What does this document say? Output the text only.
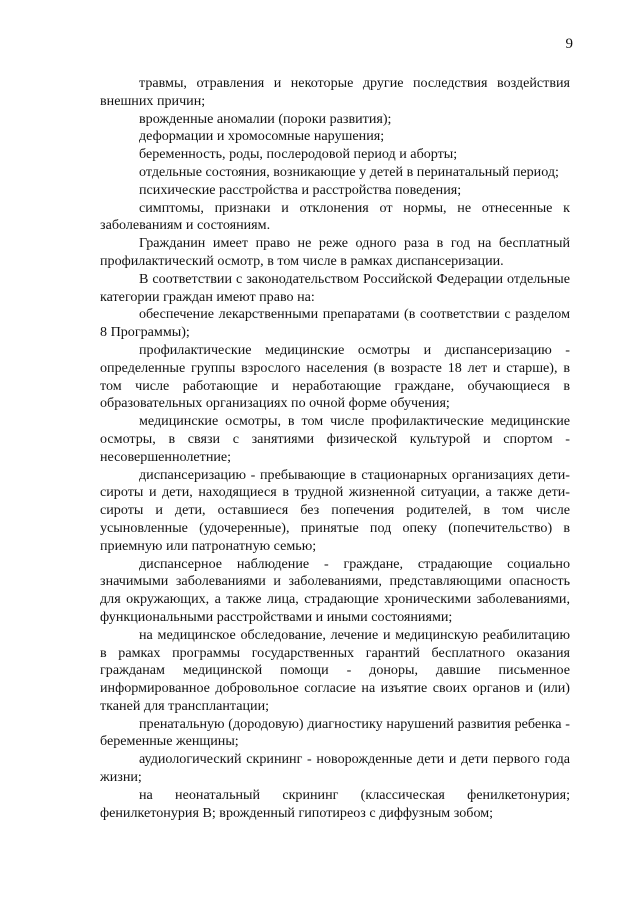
9

травмы, отравления и некоторые другие последствия воздействия внешних причин;

врожденные аномалии (пороки развития);

деформации и хромосомные нарушения;

беременность, роды, послеродовой период и аборты;

отдельные состояния, возникающие у детей в перинатальный период;

психические расстройства и расстройства поведения;

симптомы, признаки и отклонения от нормы, не отнесенные к заболеваниям и состояниям.

Гражданин имеет право не реже одного раза в год на бесплатный профилактический осмотр, в том числе в рамках диспансеризации.

В соответствии с законодательством Российской Федерации отдельные категории граждан имеют право на:

обеспечение лекарственными препаратами (в соответствии с разделом 8 Программы);

профилактические медицинские осмотры и диспансеризацию - определенные группы взрослого населения (в возрасте 18 лет и старше), в том числе работающие и неработающие граждане, обучающиеся в образовательных организациях по очной форме обучения;

медицинские осмотры, в том числе профилактические медицинские осмотры, в связи с занятиями физической культурой и спортом - несовершеннолетние;

диспансеризацию - пребывающие в стационарных организациях дети-сироты и дети, находящиеся в трудной жизненной ситуации, а также дети-сироты и дети, оставшиеся без попечения родителей, в том числе усыновленные (удочеренные), принятые под опеку (попечительство) в приемную или патронатную семью;

диспансерное наблюдение - граждане, страдающие социально значимыми заболеваниями и заболеваниями, представляющими опасность для окружающих, а также лица, страдающие хроническими заболеваниями, функциональными расстройствами и иными состояниями;

на медицинское обследование, лечение и медицинскую реабилитацию в рамках программы государственных гарантий бесплатного оказания гражданам медицинской помощи - доноры, давшие письменное информированное добровольное согласие на изъятие своих органов и (или) тканей для трансплантации;

пренатальную (дородовую) диагностику нарушений развития ребенка - беременные женщины;

аудиологический скрининг - новорожденные дети и дети первого года жизни;

на неонатальный скрининг (классическая фенилкетонурия; фенилкетонурия B; врожденный гипотиреоз с диффузным зобом;
